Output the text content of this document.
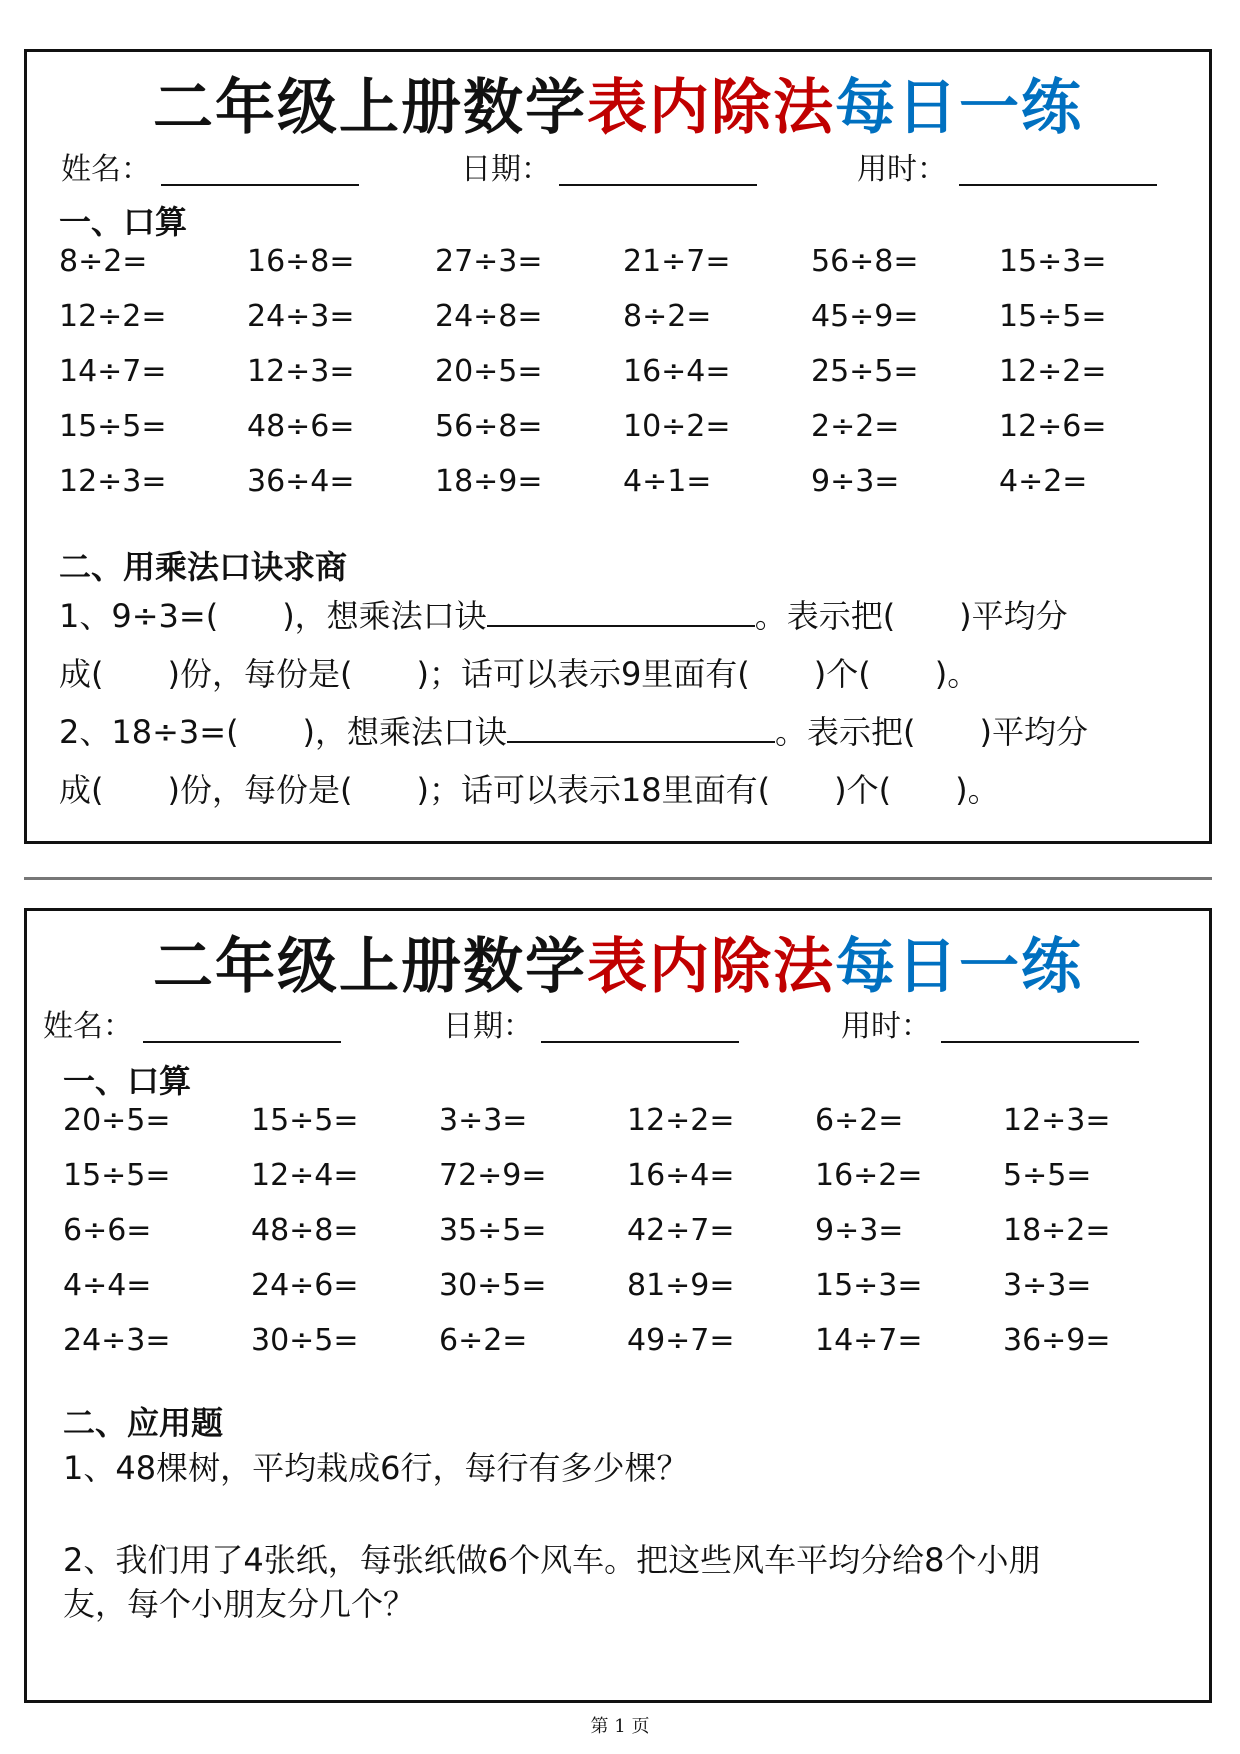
二年级上册数学表内除法每日一练
姓名：	日期：	用时：
一、口算
8÷2=	16÷8=	27÷3=	21÷7=	56÷8=	15÷3=
12÷2=	24÷3=	24÷8=	8÷2=	45÷9=	15÷5=
14÷7=	12÷3=	20÷5=	16÷4=	25÷5=	12÷2=
15÷5=	48÷6=	56÷8=	10÷2=	2÷2=	12÷6=
12÷3=	36÷4=	18÷9=	4÷1=	9÷3=	4÷2=
二、用乘法口诀求商
1、9÷3=(　　)，想乘法口诀	。表示把(　　)平均分
成(　　)份，每份是(　　)；话可以表示9里面有(　　)个(　　)。
2、18÷3=(　　)，想乘法口诀	。表示把(　　)平均分
成(　　)份，每份是(　　)；话可以表示18里面有(　　)个(　　)。
二年级上册数学表内除法每日一练
姓名：	日期：	用时：
一、口算
20÷5=	15÷5=	3÷3=	12÷2=	6÷2=	12÷3=
15÷5=	12÷4=	72÷9=	16÷4=	16÷2=	5÷5=
6÷6=	48÷8=	35÷5=	42÷7=	9÷3=	18÷2=
4÷4=	24÷6=	30÷5=	81÷9=	15÷3=	3÷3=
24÷3=	30÷5=	6÷2=	49÷7=	14÷7=	36÷9=
二、应用题
1、48棵树，平均栽成6行，每行有多少棵？
2、我们用了4张纸，每张纸做6个风车。把这些风车平均分给8个小朋
友，每个小朋友分几个？
第 1 页
